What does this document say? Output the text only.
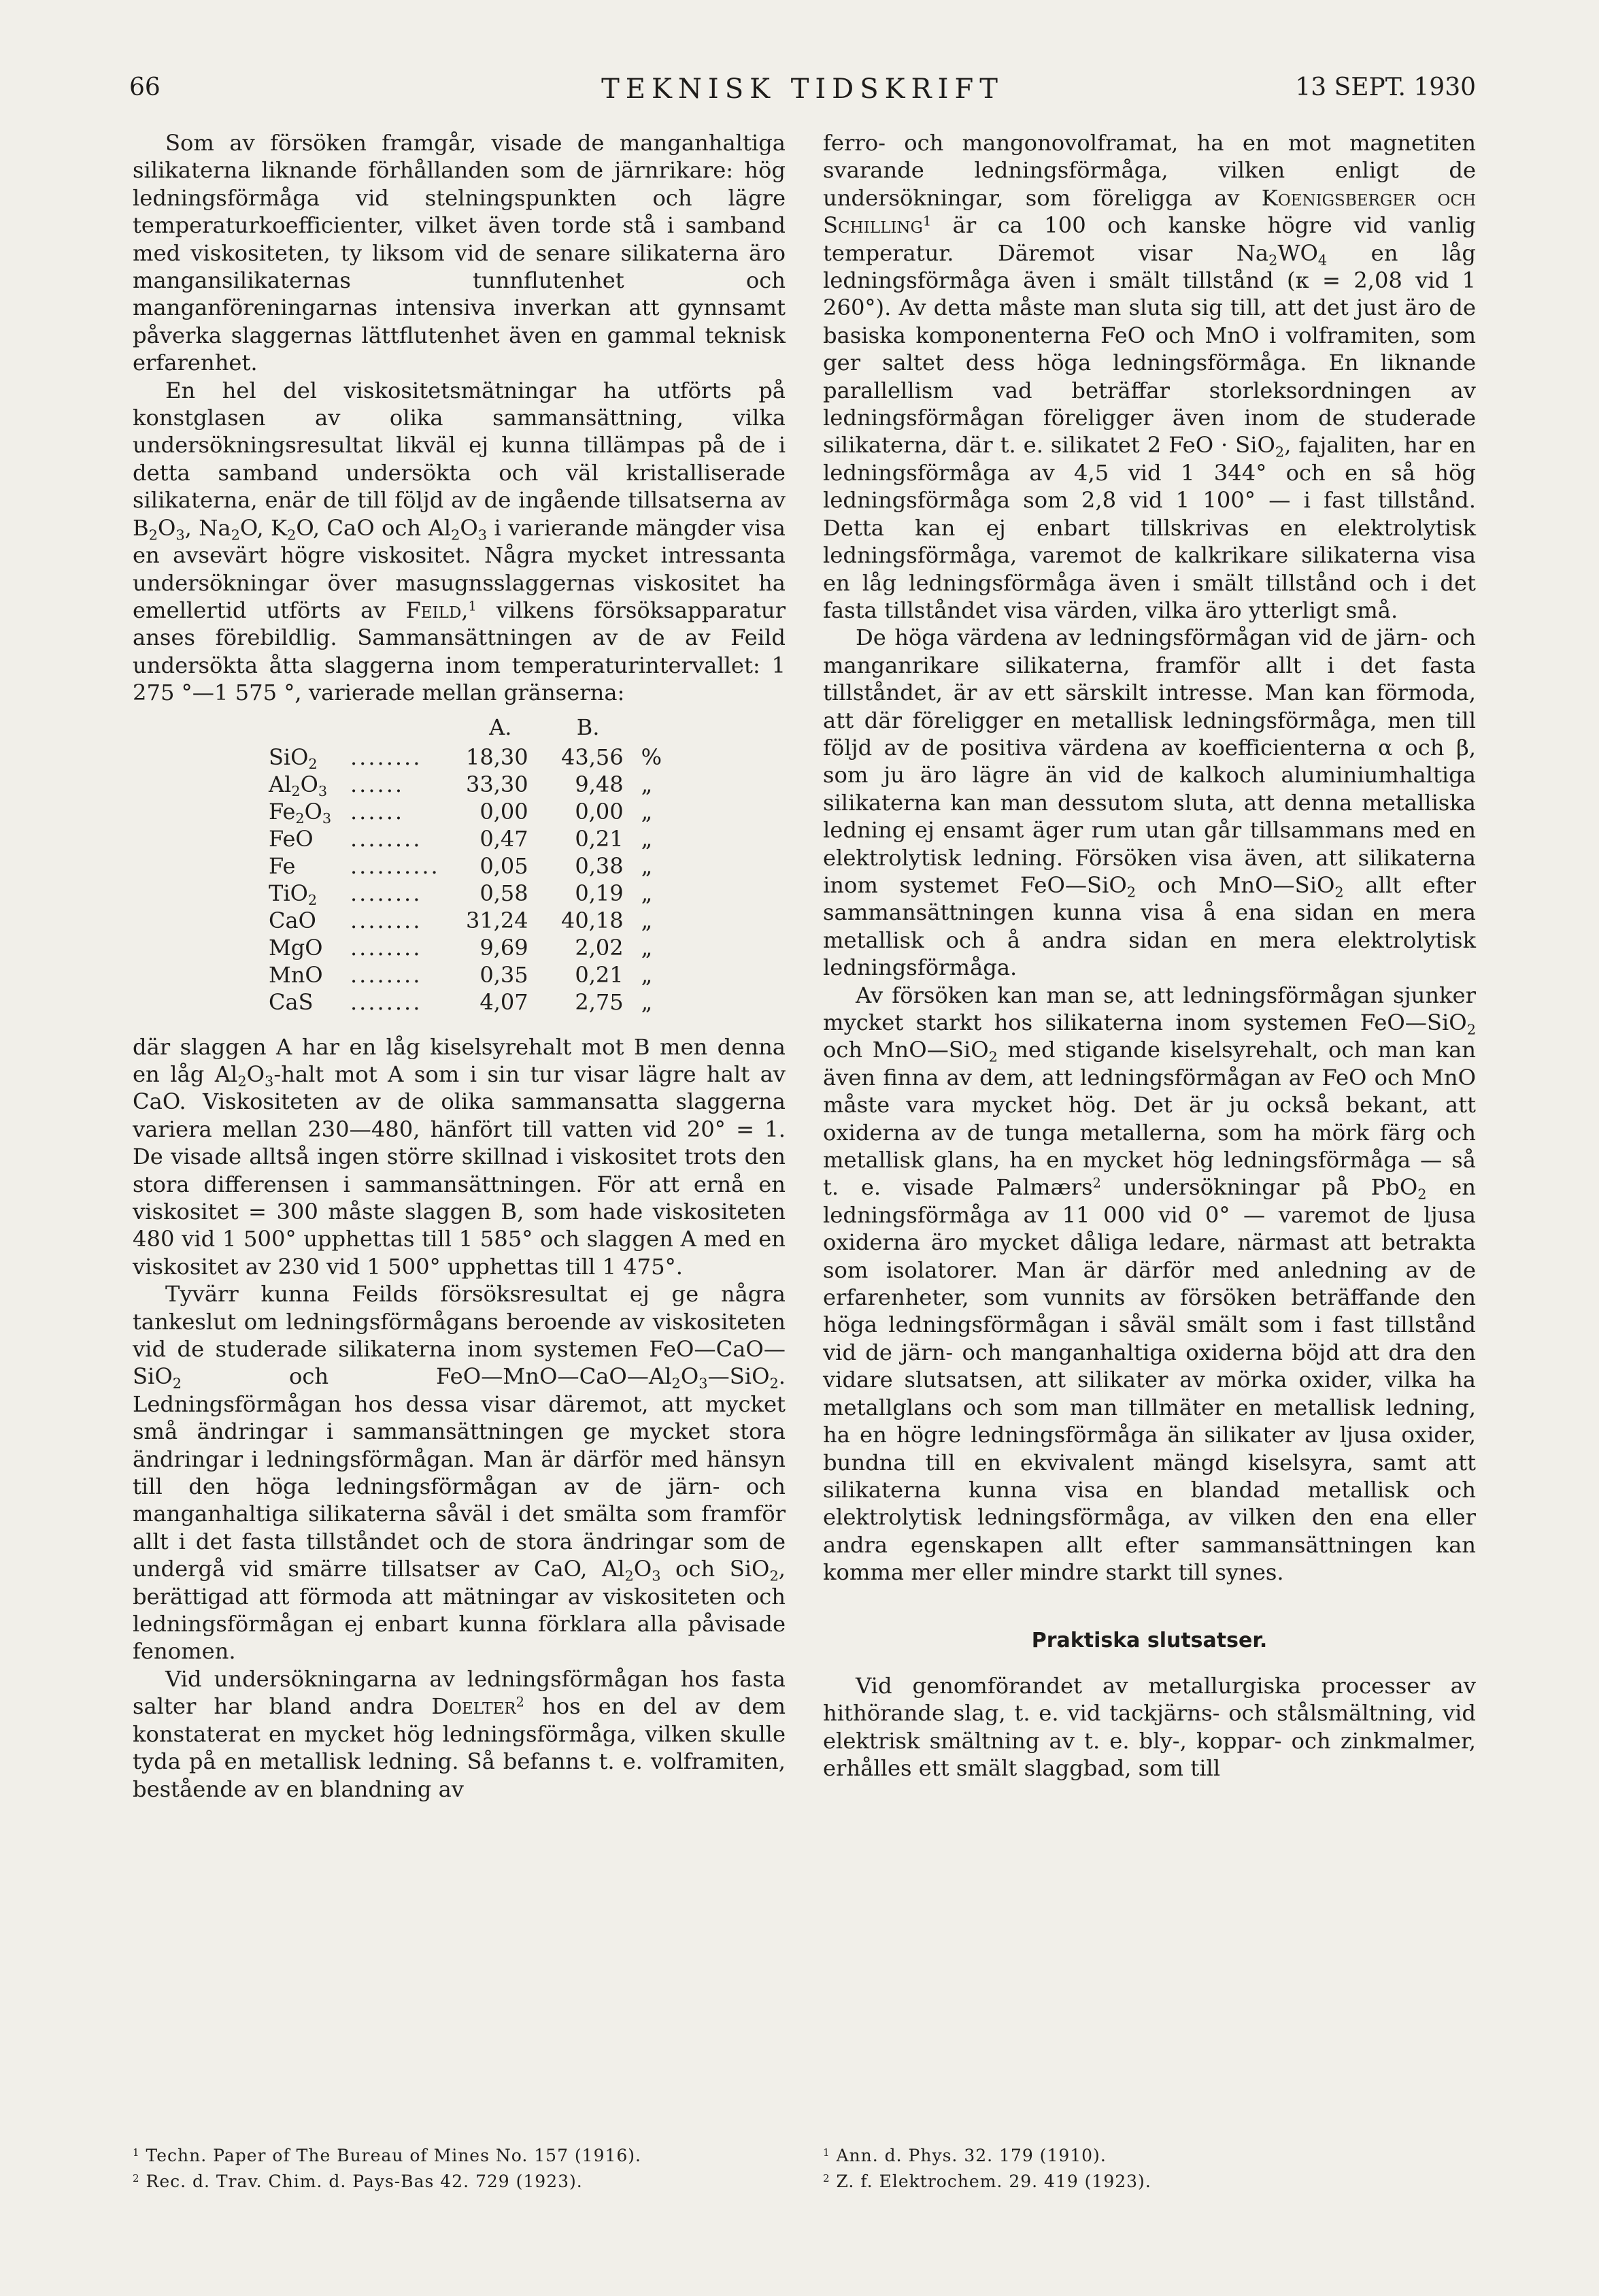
66	TEKNISK TIDSKRIFT	13 SEPT. 1930

Som av försöken framgår, visade de manganhaltiga silikaterna liknande förhållanden som de järnrikare: hög ledningsförmåga vid stelningspunkten och lägre temperaturkoefficienter, vilket även torde stå i samband med viskositeten, ty liksom vid de senare silikaterna äro mangansilikaternas tunnflutenhet och manganföreningarnas intensiva inverkan att gynnsamt påverka slaggernas lättflutenhet även en gammal teknisk erfarenhet.

En hel del viskositetsmätningar ha utförts på konstglasen av olika sammansättning, vilka undersökningsresultat likväl ej kunna tillämpas på de i detta samband undersökta och väl kristalliserade silikaterna, enär de till följd av de ingående tillsatserna av $B_2O_3$, $Na_2O$, $K_2O$, CaO och $Al_2O_3$ i varierande mängder visa en avsevärt högre viskositet. Några mycket intressanta undersökningar över masugnsslaggernas viskositet ha emellertid utförts av Feild,$^1$ vilkens försöksapparatur anses förebildlig. Sammansättningen av de av Feild undersökta åtta slaggerna inom temperaturintervallet: 1 275 °—1 575 °, varierade mellan gränserna:

		A.	B.	
SiO$_2$	........	18,30	43,56	%
$Al_2O_3$	......	33,30	9,48	„
$Fe_2O_3$	......	0,00	0,00	„
FeO	........	0,47	0,21	„
Fe	..........	0,05	0,38	„
TiO$_2$	........	0,58	0,19	„
CaO	........	31,24	40,18	„
MgO	........	9,69	2,02	„
MnO	........	0,35	0,21	„
CaS	........	4,07	2,75	„

där slaggen A har en låg kiselsyrehalt mot B men denna en låg $Al_2O_3$-halt mot A som i sin tur visar lägre halt av CaO. Viskositeten av de olika sammansatta slaggerna variera mellan 230—480, hänfört till vatten vid 20° = 1. De visade alltså ingen större skillnad i viskositet trots den stora differensen i sammansättningen. För att ernå en viskositet = 300 måste slaggen B, som hade viskositeten 480 vid 1 500° upphettas till 1 585° och slaggen A med en viskositet av 230 vid 1 500° upphettas till 1 475°.

Tyvärr kunna Feilds försöksresultat ej ge några tankeslut om ledningsförmågans beroende av viskositeten vid de studerade silikaterna inom systemen FeO—CaO—SiO$_2$ och $FeO—MnO—CaO—Al_2O_3—SiO_2$. Ledningsförmågan hos dessa visar däremot, att mycket små ändringar i sammansättningen ge mycket stora ändringar i ledningsförmågan. Man är därför med hänsyn till den höga ledningsförmågan av de järn- och manganhaltiga silikaterna såväl i det smälta som framför allt i det fasta tillståndet och de stora ändringar som de undergå vid smärre tillsatser av CaO, $Al_2O_3$ och SiO$_2$, berättigad att förmoda att mätningar av viskositeten och ledningsförmågan ej enbart kunna förklara alla påvisade fenomen.

Vid undersökningarna av ledningsförmågan hos fasta salter har bland andra Doelter$^2$ hos en del av dem konstaterat en mycket hög ledningsförmåga, vilken skulle tyda på en metallisk ledning. Så befanns t. e. volframiten, bestående av en blandning av

ferro- och mangonovolframat, ha en mot magnetiten svarande ledningsförmåga, vilken enligt de undersökningar, som föreligga av Koenigsberger och Schilling$^1$ är ca 100 och kanske högre vid vanlig temperatur. Däremot visar $Na_2WO_4$ en låg ledningsförmåga även i smält tillstånd (κ = 2,08 vid 1 260°). Av detta måste man sluta sig till, att det just äro de basiska komponenterna FeO och MnO i volframiten, som ger saltet dess höga ledningsförmåga. En liknande parallellism vad beträffar storleksordningen av ledningsförmågan föreligger även inom de studerade silikaterna, där t. e. silikatet 2 FeO · SiO$_2$, fajaliten, har en ledningsförmåga av 4,5 vid 1 344° och en så hög ledningsförmåga som 2,8 vid 1 100° — i fast tillstånd. Detta kan ej enbart tillskrivas en elektrolytisk ledningsförmåga, varemot de kalkrikare silikaterna visa en låg ledningsförmåga även i smält tillstånd och i det fasta tillståndet visa värden, vilka äro ytterligt små.

De höga värdena av ledningsförmågan vid de järn- och manganrikare silikaterna, framför allt i det fasta tillståndet, är av ett särskilt intresse. Man kan förmoda, att där föreligger en metallisk ledningsförmåga, men till följd av de positiva värdena av koefficienterna α och β, som ju äro lägre än vid de kalkoch aluminiumhaltiga silikaterna kan man dessutom sluta, att denna metalliska ledning ej ensamt äger rum utan går tillsammans med en elektrolytisk ledning. Försöken visa även, att silikaterna inom systemet FeO—SiO$_2$ och MnO—SiO$_2$ allt efter sammansättningen kunna visa å ena sidan en mera metallisk och å andra sidan en mera elektrolytisk ledningsförmåga.

Av försöken kan man se, att ledningsförmågan sjunker mycket starkt hos silikaterna inom systemen FeO—SiO$_2$ och MnO—SiO$_2$ med stigande kiselsyrehalt, och man kan även finna av dem, att ledningsförmågan av FeO och MnO måste vara mycket hög. Det är ju också bekant, att oxiderna av de tunga metallerna, som ha mörk färg och metallisk glans, ha en mycket hög ledningsförmåga — så t. e. visade Palmærs$^2$ undersökningar på PbO$_2$ en ledningsförmåga av 11 000 vid 0° — varemot de ljusa oxiderna äro mycket dåliga ledare, närmast att betrakta som isolatorer. Man är därför med anledning av de erfarenheter, som vunnits av försöken beträffande den höga ledningsförmågan i såväl smält som i fast tillstånd vid de järn- och manganhaltiga oxiderna böjd att dra den vidare slutsatsen, att silikater av mörka oxider, vilka ha metallglans och som man tillmäter en metallisk ledning, ha en högre ledningsförmåga än silikater av ljusa oxider, bundna till en ekvivalent mängd kiselsyra, samt att silikaterna kunna visa en blandad metallisk och elektrolytisk ledningsförmåga, av vilken den ena eller andra egenskapen allt efter sammansättningen kan komma mer eller mindre starkt till synes.

Praktiska slutsatser.

Vid genomförandet av metallurgiska processer av hithörande slag, t. e. vid tackjärns- och stålsmältning, vid elektrisk smältning av t. e. bly-, koppar- och zinkmalmer, erhålles ett smält slaggbad, som till

$^1$ Techn. Paper of The Bureau of Mines No. 157 (1916).

$^2$ Rec. d. Trav. Chim. d. Pays-Bas 42. 729 (1923).

$^1$ Ann. d. Phys. 32. 179 (1910).

$^2$ Z. f. Elektrochem. 29. 419 (1923).
